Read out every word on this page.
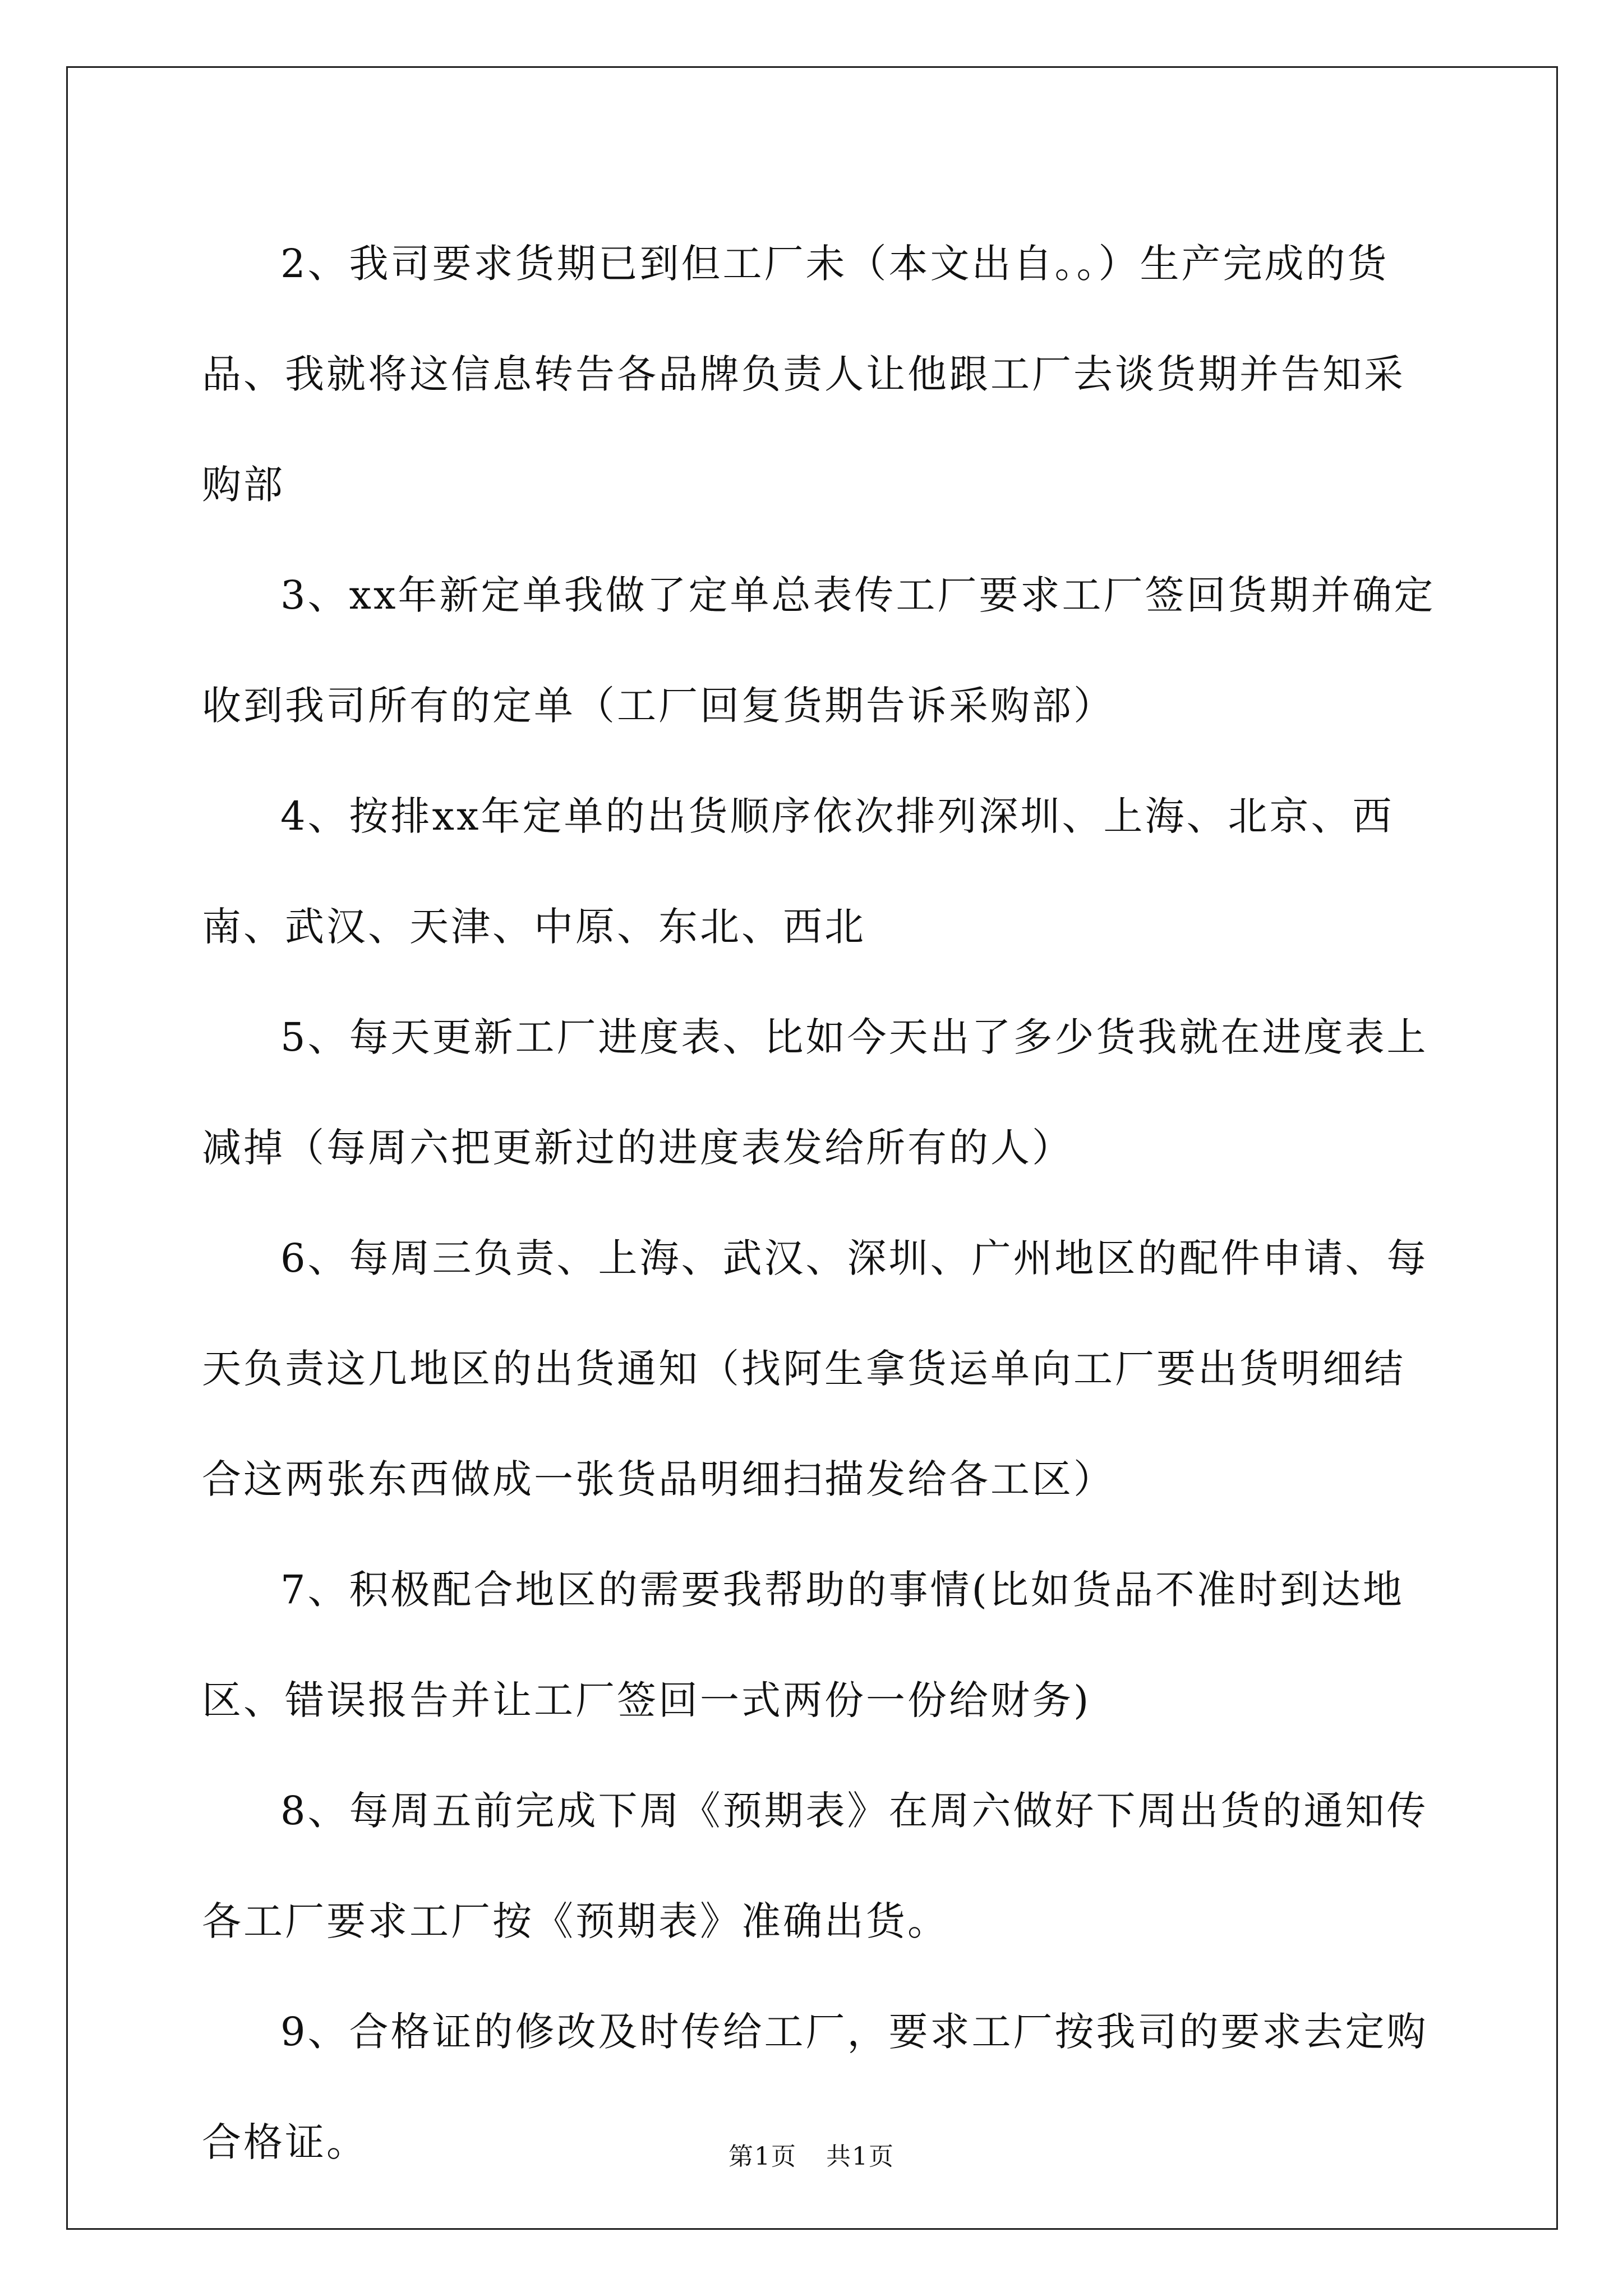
2、我司要求货期已到但工厂未（本文出自。。）生产完成的货品、我就将这信息转告各品牌负责人让他跟工厂去谈货期并告知采购部

3、xx年新定单我做了定单总表传工厂要求工厂签回货期并确定收到我司所有的定单（工厂回复货期告诉采购部）

4、按排xx年定单的出货顺序依次排列深圳、上海、北京、西南、武汉、天津、中原、东北、西北

5、每天更新工厂进度表、比如今天出了多少货我就在进度表上减掉（每周六把更新过的进度表发给所有的人）

6、每周三负责、上海、武汉、深圳、广州地区的配件申请、每天负责这几地区的出货通知（找阿生拿货运单向工厂要出货明细结合这两张东西做成一张货品明细扫描发给各工区）

7、积极配合地区的需要我帮助的事情(比如货品不准时到达地区、错误报告并让工厂签回一式两份一份给财务)

8、每周五前完成下周《预期表》在周六做好下周出货的通知传各工厂要求工厂按《预期表》准确出货。

9、合格证的修改及时传给工厂，要求工厂按我司的要求去定购合格证。	第1页 共1页
